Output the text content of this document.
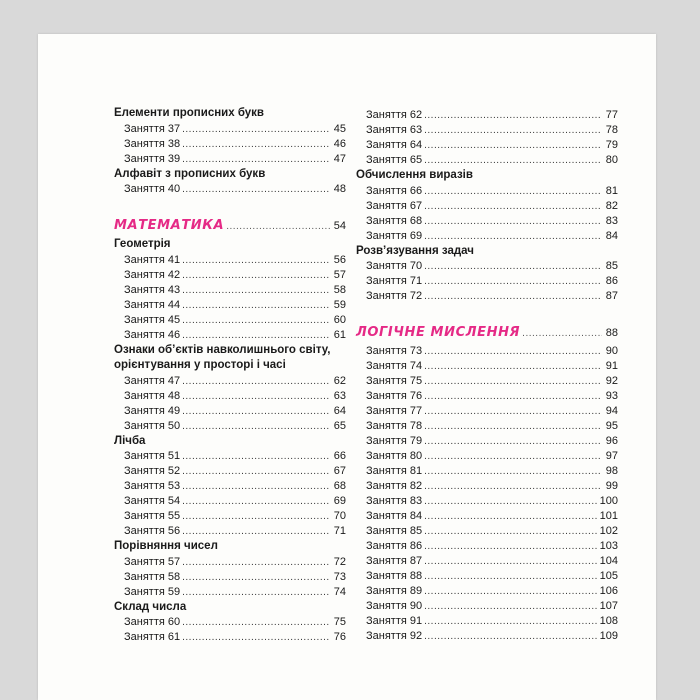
Елементи прописних букв
Заняття 37 .....	45
Заняття 38 .....	46
Заняття 39 .....	47
Алфавіт з прописних букв
Заняття 40 .....	48
МАТЕМАТИКА .....	54
Геометрія
Заняття 41 .....	56
Заняття 42 .....	57
Заняття 43 .....	58
Заняття 44 .....	59
Заняття 45 .....	60
Заняття 46 .....	61
Ознаки об’єктів навколишнього світу,
орієнтування у просторі і часі
Заняття 47 .....	62
Заняття 48 .....	63
Заняття 49 .....	64
Заняття 50 .....	65
Лічба
Заняття 51 .....	66
Заняття 52 .....	67
Заняття 53 .....	68
Заняття 54 .....	69
Заняття 55 .....	70
Заняття 56 .....	71
Порівняння чисел
Заняття 57 .....	72
Заняття 58 .....	73
Заняття 59 .....	74
Склад числа
Заняття 60 .....	75
Заняття 61 .....	76
Заняття 62 .....	77
Заняття 63 .....	78
Заняття 64 .....	79
Заняття 65 .....	80
Обчислення виразів
Заняття 66 .....	81
Заняття 67 .....	82
Заняття 68 .....	83
Заняття 69 .....	84
Розв’язування задач
Заняття 70 .....	85
Заняття 71 .....	86
Заняття 72 .....	87
ЛОГІЧНЕ МИСЛЕННЯ .....	88
Заняття 73 .....	90
Заняття 74 .....	91
Заняття 75 .....	92
Заняття 76 .....	93
Заняття 77 .....	94
Заняття 78 .....	95
Заняття 79 .....	96
Заняття 80 .....	97
Заняття 81 .....	98
Заняття 82 .....	99
Заняття 83 .....	100
Заняття 84 .....	101
Заняття 85 .....	102
Заняття 86 .....	103
Заняття 87 .....	104
Заняття 88 .....	105
Заняття 89 .....	106
Заняття 90 .....	107
Заняття 91 .....	108
Заняття 92 .....	109
